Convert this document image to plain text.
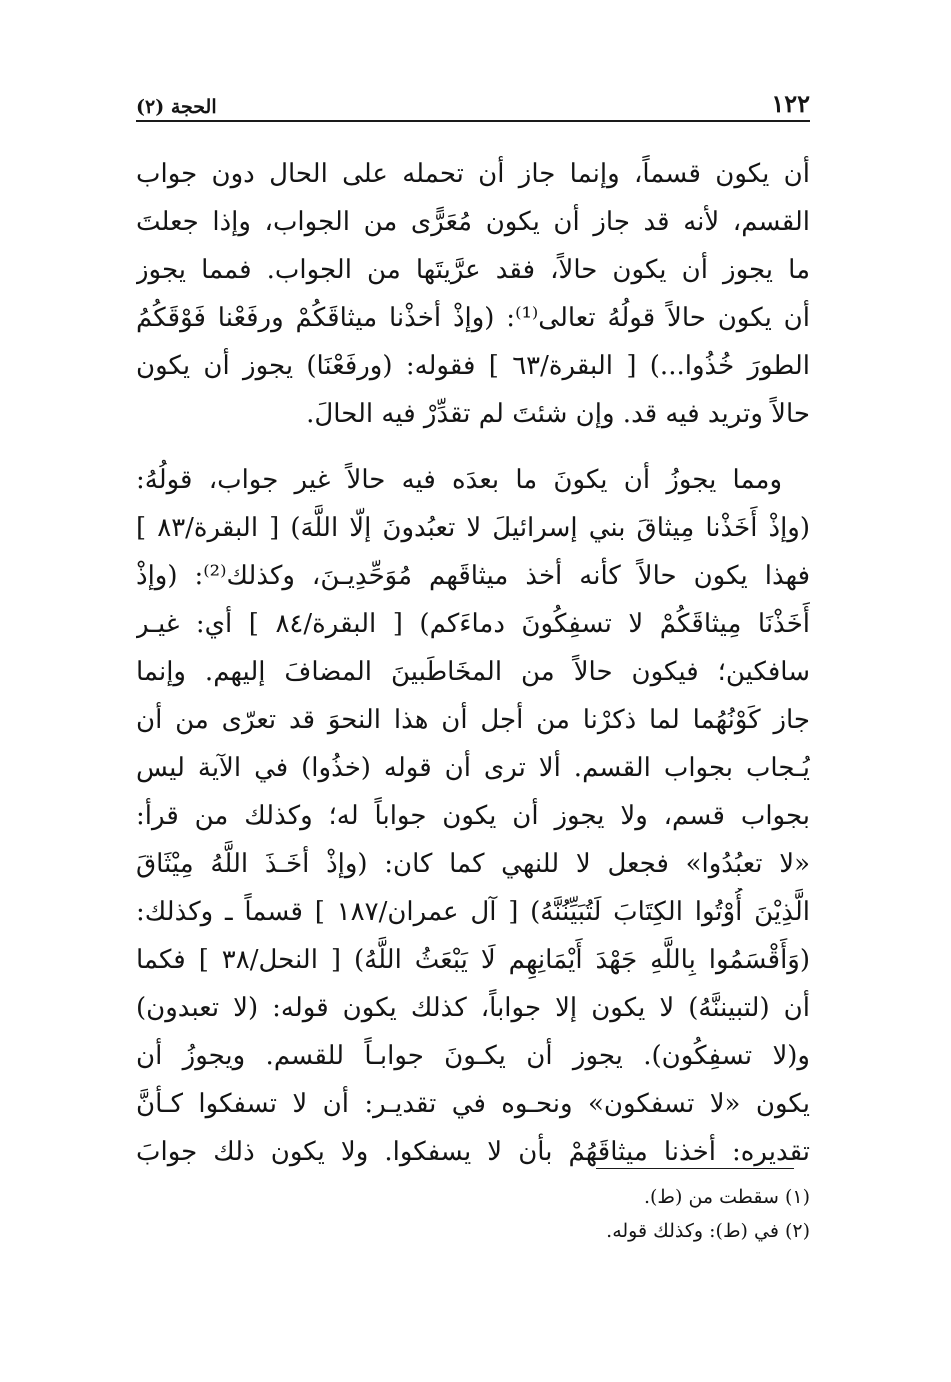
١٢٢
الحجة (٢)
أن يكون قسماً، وإنما جاز أن تحمله على الحال دون جواب
القسم، لأنه قد جاز أن يكون مُعَرًّى من الجواب، وإذا جعلتَ
ما يجوز أن يكون حالاً، فقد عرَّيتَها من الجواب. فمما يجوز
أن يكون حالاً قولُهُ تعالى⁽¹⁾: (وإذْ أخذْنا ميثاقَكُمْ ورفَعْنا فَوْقَكُمُ
الطورَ خُذُوا...) [ البقرة/٦٣ ] فقوله: (ورفَعْنَا) يجوز أن يكون
حالاً وتريد فيه قد. وإن شئتَ لم تقدِّرْ فيه الحالَ.
ومما يجوزُ أن يكونَ ما بعدَه فيه حالاً غير جواب، قولُهُ:
(وإذْ أَخَذْنا مِيثاقَ بني إسرائيلَ لا تعبُدونَ إلّا اللَّهَ) [ البقرة/٨٣ ]
فهذا يكون حالاً كأنه أخذ ميثاقَهم مُوَحِّدِيـنَ، وكذلك⁽²⁾: (وإذْ
أَخَذْنَا مِيثاقَكُمْ لا تسفِكُونَ دماءَكم) [ البقرة/٨٤ ] أي: غيـر
سافكين؛ فيكون حالاً من المخَاطَبينَ المضافَ إليهم. وإنما
جاز كَوْنُهُما لما ذكرْنا من أجل أن هذا النحوَ قد تعرّى من أن
يُـجاب بجواب القسم. ألا ترى أن قوله (خذُوا) في الآية ليس
بجواب قسم، ولا يجوز أن يكون جواباً له؛ وكذلك من قرأ:
«لا تعبُدُوا» فجعل لا للنهي كما كان: (وإذْ أخَـذَ اللَّهُ مِيْثَاقَ
الَّذِيْنَ أُوْتُوا الكِتَابَ لَتُبَيِّنُنَّهُ) [ آل عمران/١٨٧ ] قسماً ـ وكذلك:
(وَأَقْسَمُوا بِاللَّهِ جَهْدَ أَيْمَانِهِم لَا يَبْعَثُ اللَّهُ) [ النحل/٣٨ ] فكما
أن (لتبيننَّهُ) لا يكون إلا جواباً، كذلك يكون قوله: (لا تعبدون)
و(لا تسفِكُون). يجوز أن يكـونَ جوابـاً للقسم. ويجوزُ أن
يكون «لا تسفكون» ونحـوه في تقديـر: أن لا تسفكوا كـأنَّ
تقديره: أخذنا ميثاقَهُمْ بأن لا يسفكوا. ولا يكون ذلك جوابَ
(١) سقطت من (ط).
(٢) في (ط): وكذلك قوله.
